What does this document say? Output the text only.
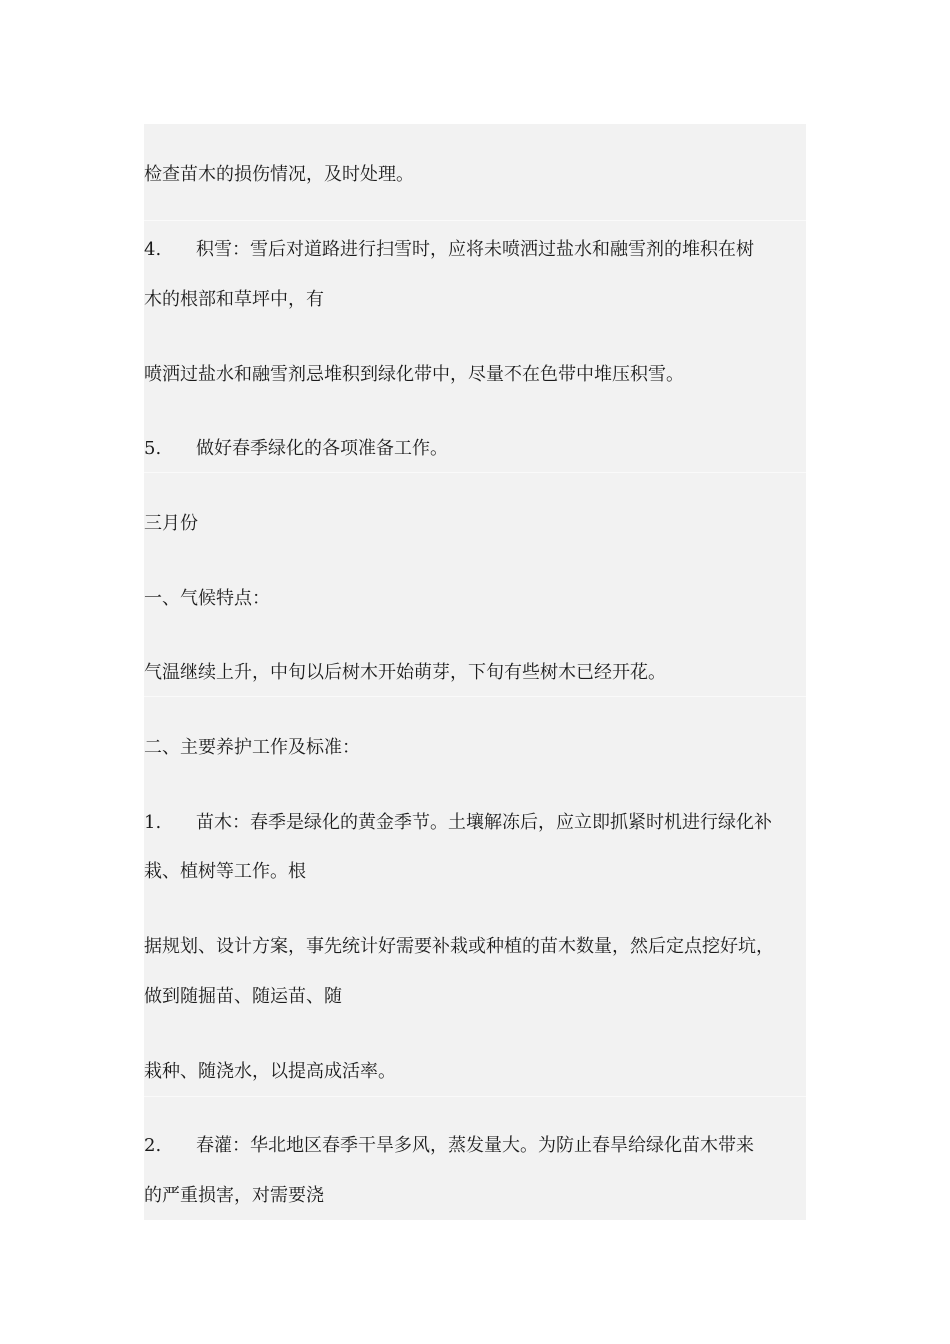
检查苗木的损伤情况，及时处理。
4. 积雪：雪后对道路进行扫雪时，应将未喷洒过盐水和融雪剂的堆积在树
木的根部和草坪中，有
喷洒过盐水和融雪剂忌堆积到绿化带中，尽量不在色带中堆压积雪。
5. 做好春季绿化的各项准备工作。
三月份
一、气候特点：
气温继续上升，中旬以后树木开始萌芽，下旬有些树木已经开花。
二、主要养护工作及标准：
1. 苗木：春季是绿化的黄金季节。土壤解冻后，应立即抓紧时机进行绿化补
栽、植树等工作。根
据规划、设计方案，事先统计好需要补栽或种植的苗木数量，然后定点挖好坑，
做到随掘苗、随运苗、随
栽种、随浇水，以提高成活率。
2. 春灌：华北地区春季干旱多风，蒸发量大。为防止春旱给绿化苗木带来
的严重损害，对需要浇
